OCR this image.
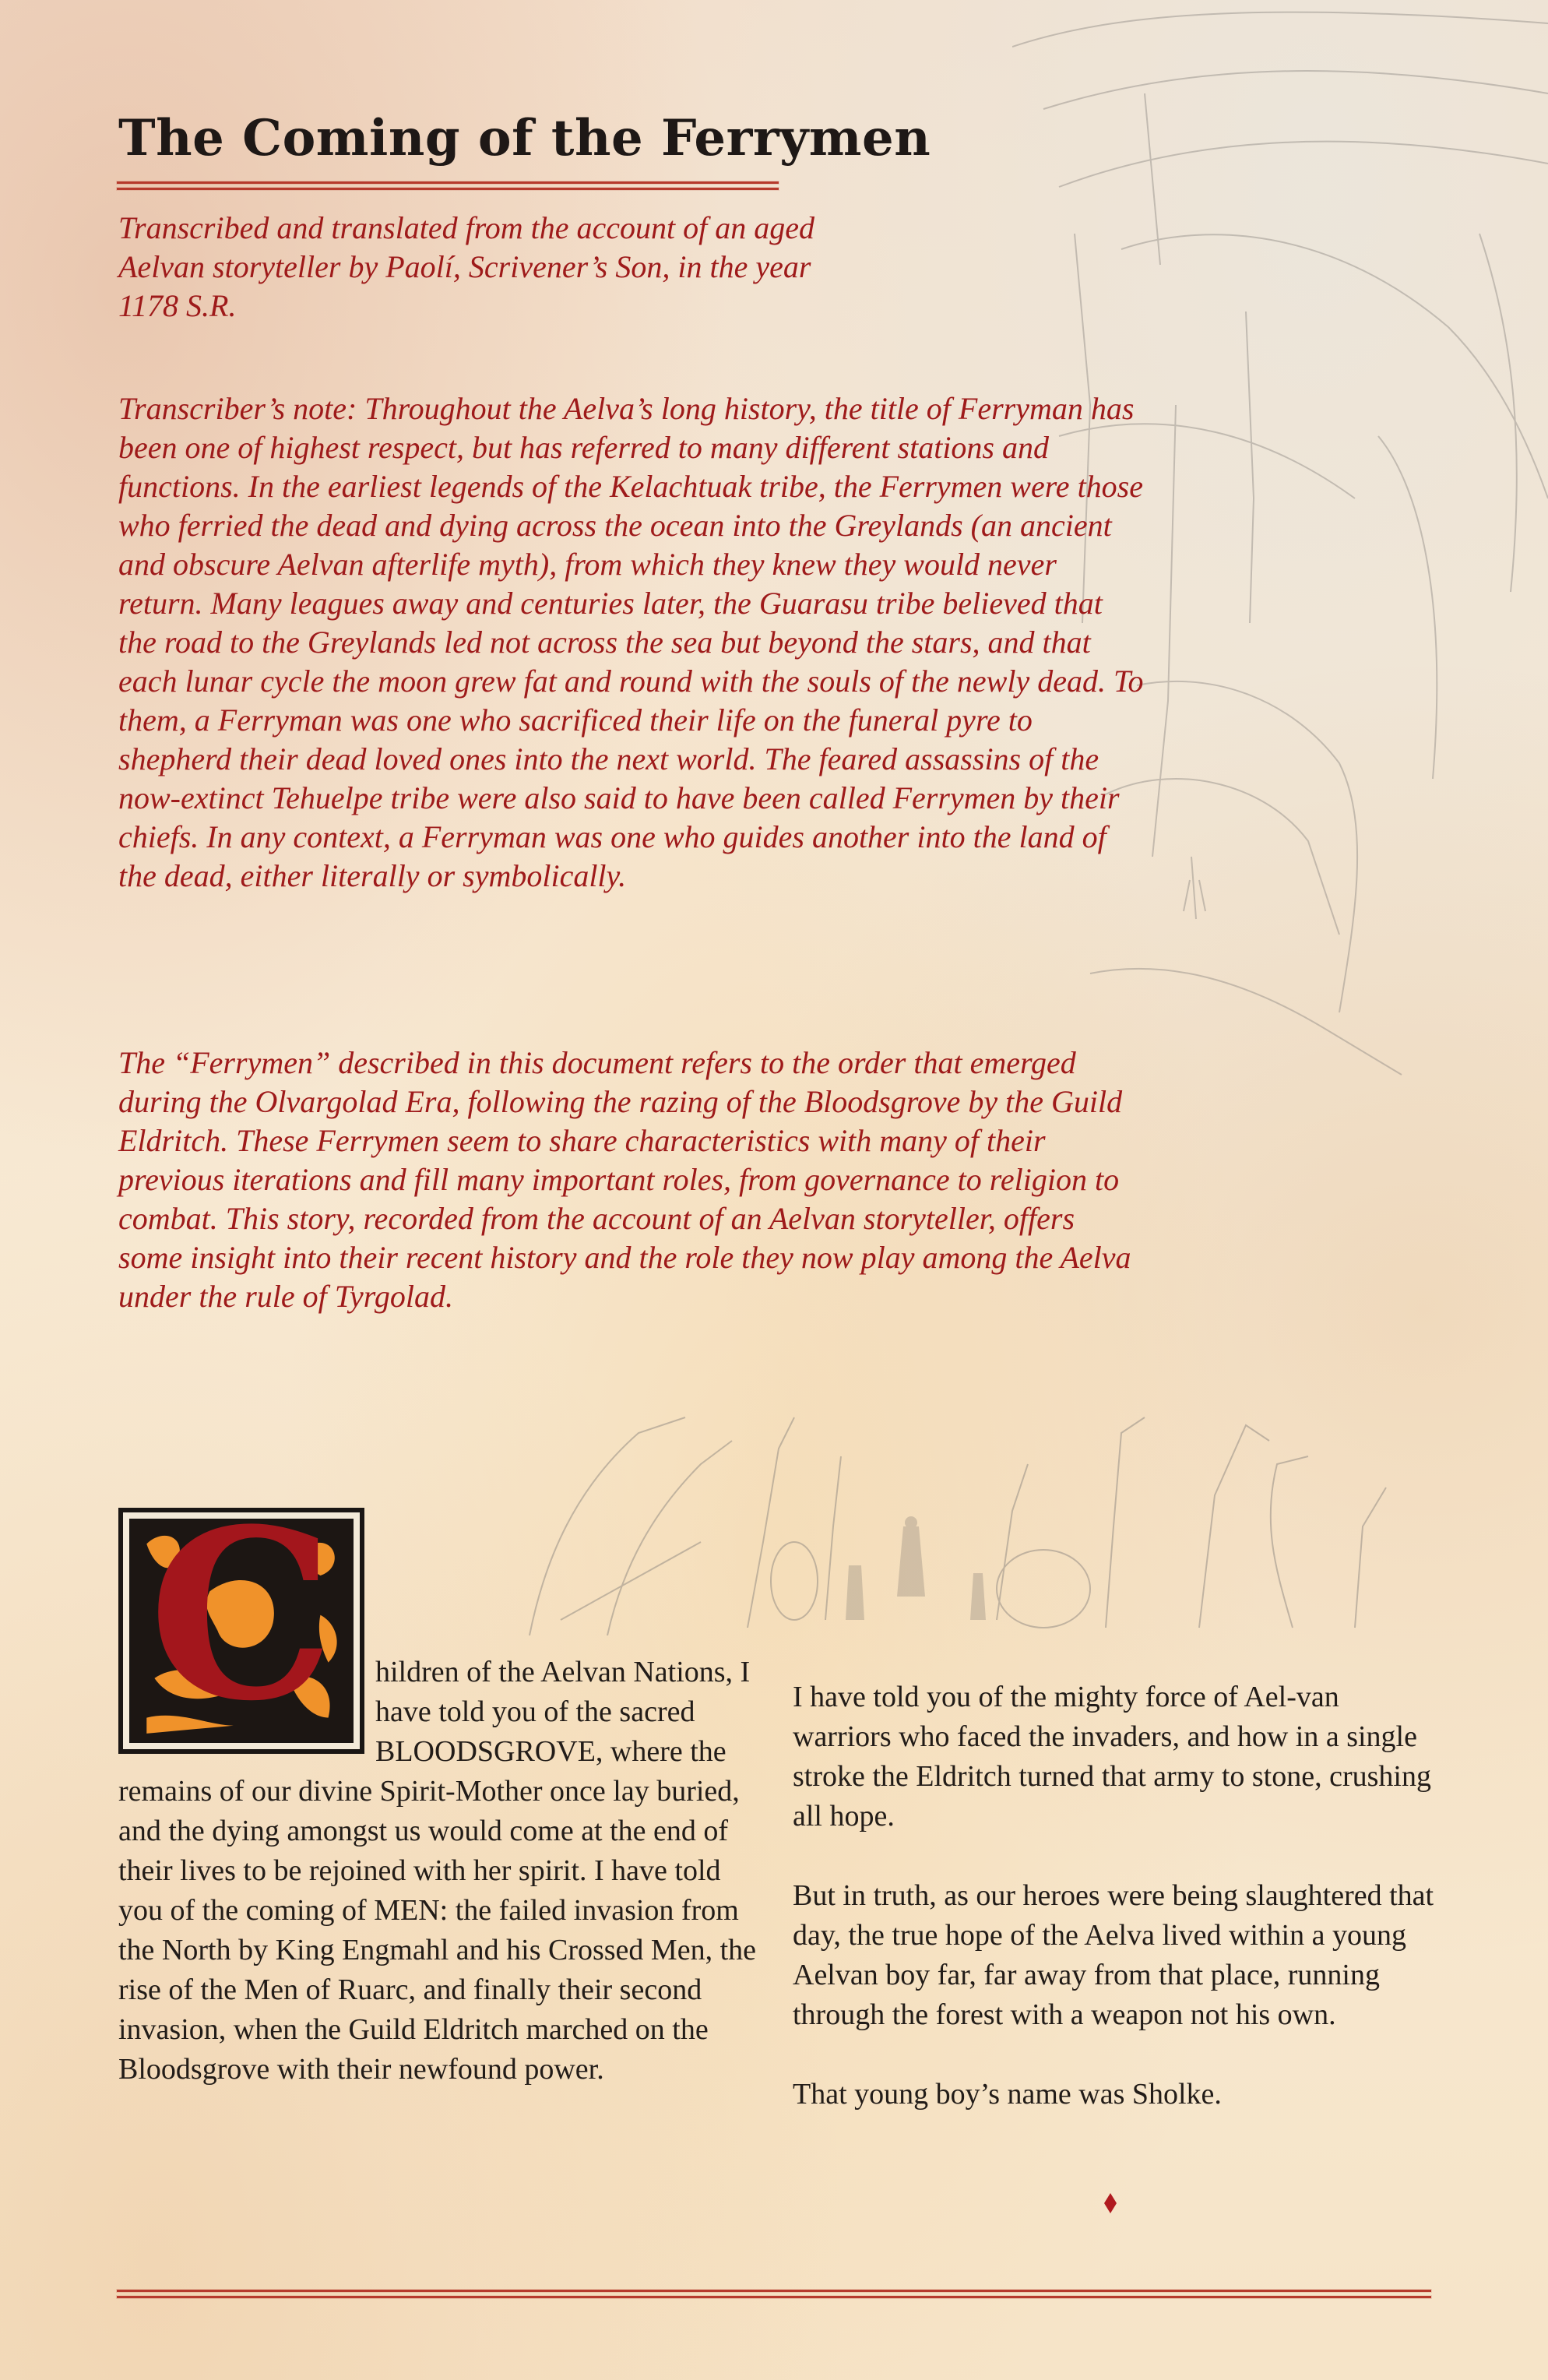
The Coming of the Ferrymen

Transcribed and translated from the account of an aged Aelvan storyteller by Paolí, Scrivener’s Son, in the year 1178 S.R.

Transcriber’s note: Throughout the Aelva’s long history, the title of Ferryman has been one of highest respect, but has referred to many different stations and functions. In the earliest legends of the Kelachtuak tribe, the Ferrymen were those who ferried the dead and dying across the ocean into the Greylands (an ancient and obscure Aelvan afterlife myth), from which they knew they would never return. Many leagues away and centuries later, the Guarasu tribe believed that the road to the Greylands led not across the sea but beyond the stars, and that each lunar cycle the moon grew fat and round with the souls of the newly dead. To them, a Ferryman was one who sacrificed their life on the funeral pyre to shepherd their dead loved ones into the next world. The feared assassins of the now-extinct Tehuelpe tribe were also said to have been called Ferrymen by their chiefs. In any context, a Ferryman was one who guides another into the land of the dead, either literally or symbolically.

The “Ferrymen” described in this document refers to the order that emerged during the Olvargolad Era, following the razing of the Bloodsgrove by the Guild Eldritch. These Ferrymen seem to share characteristics with many of their previous iterations and fill many important roles, from governance to religion to combat. This story, recorded from the account of an Aelvan storyteller, offers some insight into their recent history and the role they now play among the Aelva under the rule of Tyrgolad.

C	hildren of the Aelvan Nations, I have told you of the sacred BLOODSGROVE, where the remains of our divine Spirit-Mother once lay buried, and the dying amongst us would come at the end of their lives to be rejoined with her spirit. I have told you of the coming of MEN: the failed invasion from the North by King Engmahl and his Crossed Men, the rise of the Men of Ruarc, and finally their second invasion, when the Guild Eldritch marched on the Bloodsgrove with their newfound power.

I have told you of the mighty force of Ael-van warriors who faced the invaders, and how in a single stroke the Eldritch turned that army to stone, crushing all hope.

But in truth, as our heroes were being slaughtered that day, the true hope of the Aelva lived within a young Aelvan boy far, far away from that place, running through the forest with a weapon not his own.

That young boy’s name was Sholke.
